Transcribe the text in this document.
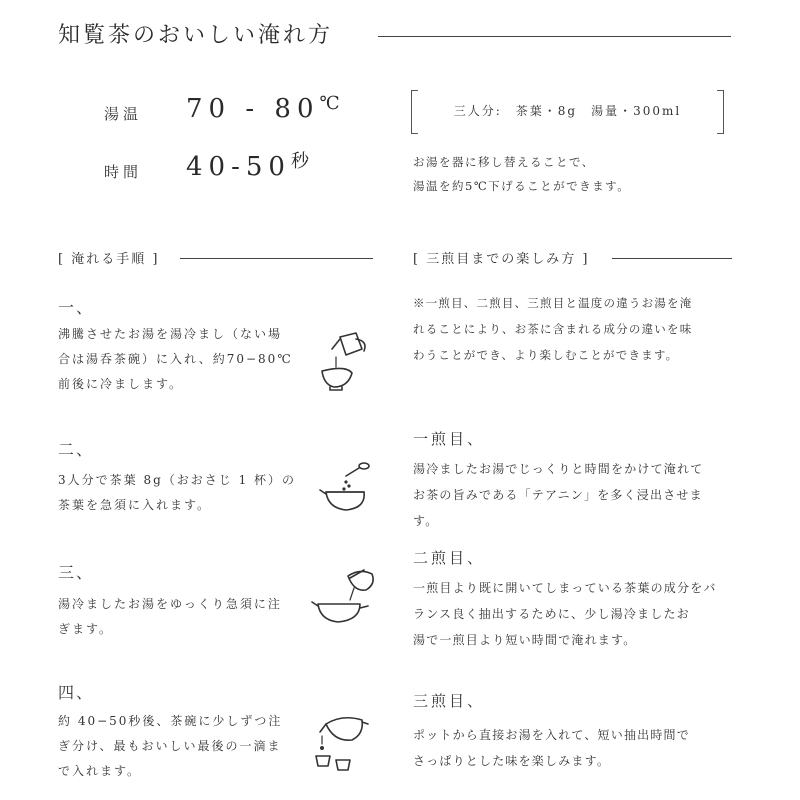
知覧茶のおいしい淹れ方
湯温 70 - 80℃
時間 $40-50^秒$
三人分:　茶葉・8g　湯量・300ml
お湯を器に移し替えることで、
湯温を約5℃下げることができます。
[ 淹れる手順 ]	[ 三煎目までの楽しみ方 ]
一、
沸騰させたお湯を湯冷まし（ない場
合は湯呑茶碗）に入れ、約70−80℃
前後に冷まします。
二、
3人分で茶葉 8g（おおさじ 1 杯）の
茶葉を急須に入れます。
三、
湯冷ましたお湯をゆっくり急須に注
ぎます。
四、
約 40−50秒後、茶碗に少しずつ注
ぎ分け、最もおいしい最後の一滴ま
で入れます。
※一煎目、二煎目、三煎目と温度の違うお湯を淹
れることにより、お茶に含まれる成分の違いを味
わうことができ、より楽しむことができます。
一煎目、
湯冷ましたお湯でじっくりと時間をかけて淹れて
お茶の旨みである「テアニン」を多く浸出させま
す。
二煎目、
一煎目より既に開いてしまっている茶葉の成分をバ
ランス良く抽出するために、少し湯冷ましたお
湯で一煎目より短い時間で淹れます。
三煎目、
ポットから直接お湯を入れて、短い抽出時間で
さっぱりとした味を楽しみます。
